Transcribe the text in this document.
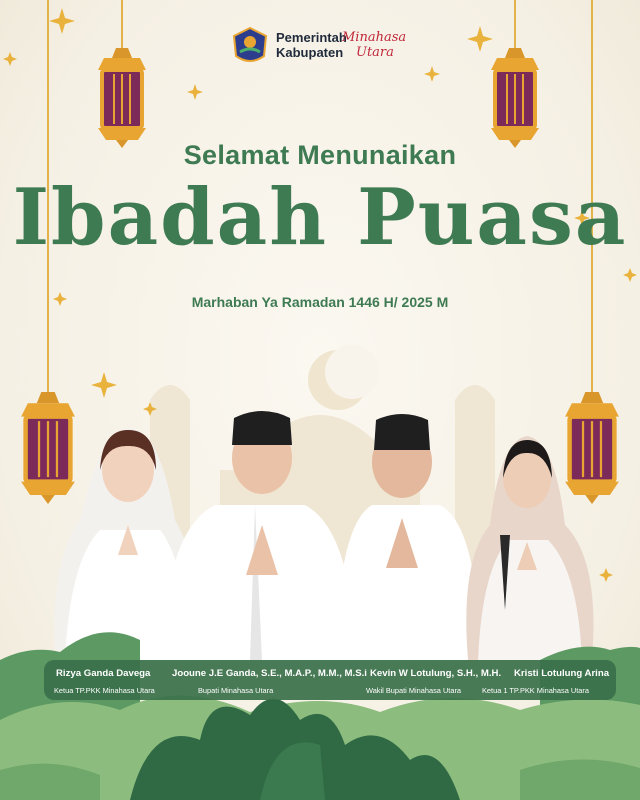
Pemerintah
Kabupaten
Minahasa
Utara
Selamat Menunaikan
Ibadah Puasa
Marhaban Ya Ramadan 1446 H/ 2025 M
Rizya Ganda Davega
Ketua TP.PKK Minahasa Utara
Jooune J.E Ganda, S.E., M.A.P., M.M., M.S.i
Bupati Minahasa Utara
Kevin W Lotulung, S.H., M.H.
Wakil Bupati Minahasa Utara
Kristi Lotulung Arina
Ketua 1 TP.PKK Minahasa Utara
